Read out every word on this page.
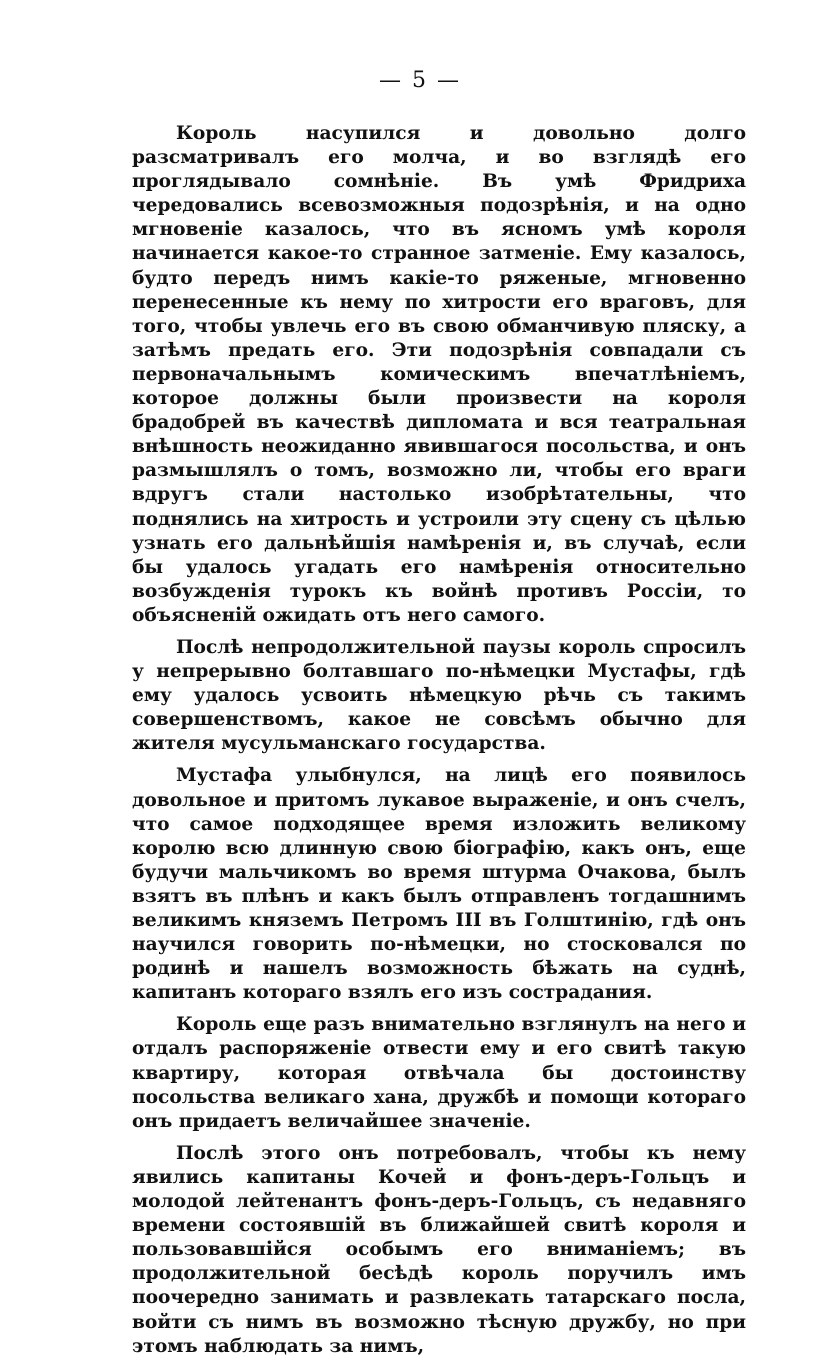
— 5 —

Король насупился и довольно долго разсматривалъ его молча, и во взглядѣ его проглядывало сомнѣніе. Въ умѣ Фридриха чередовались всевозможныя подозрѣнія, и на одно мгновеніе казалось, что въ ясномъ умѣ короля начинается какое-то странное затменіе. Ему казалось, будто передъ нимъ какіе-то ряженые, мгновенно перенесенные къ нему по хитрости его враговъ, для того, чтобы увлечь его въ свою обманчивую пляску, а затѣмъ предать его. Эти подозрѣнія совпадали съ первоначальнымъ комическимъ впечатлѣніемъ, которое должны были произвести на короля брадобрей въ качествѣ дипломата и вся театральная внѣшность неожиданно явившагося посольства, и онъ размышлялъ о томъ, возможно ли, чтобы его враги вдругъ стали настолько изобрѣтательны, что поднялись на хитрость и устроили эту сцену съ цѣлью узнать его дальнѣйшія намѣренія и, въ случаѣ, если бы удалось угадать его намѣренія относительно возбужденія турокъ къ войнѣ противъ Россіи, то объясненій ожидать отъ него самого.

Послѣ непродолжительной паузы король спросилъ у непрерывно болтавшаго по-нѣмецки Мустафы, гдѣ ему удалось усвоить нѣмецкую рѣчь съ такимъ совершенствомъ, какое не совсѣмъ обычно для жителя мусульманскаго государства.

Мустафа улыбнулся, на лицѣ его появилось довольное и притомъ лукавое выраженіе, и онъ счелъ, что самое подходящее время изложить великому королю всю длинную свою біографію, какъ онъ, еще будучи мальчикомъ во время штурма Очакова, былъ взятъ въ плѣнъ и какъ былъ отправленъ тогдашнимъ великимъ княземъ Петромъ III въ Голштинію, гдѣ онъ научился говорить по-нѣмецки, но стосковался по родинѣ и нашелъ возможность бѣжать на суднѣ, капитанъ котораго взялъ его изъ сострадания.

Король еще разъ внимательно взглянулъ на него и отдалъ распоряженіе отвести ему и его свитѣ такую квартиру, которая отвѣчала бы достоинству посольства великаго хана, дружбѣ и помощи котораго онъ придаетъ величайшее значеніе.

Послѣ этого онъ потребовалъ, чтобы къ нему явились капитаны Кочей и фонъ-деръ-Гольцъ и молодой лейтенантъ фонъ-деръ-Гольцъ, съ недавняго времени состоявшій въ ближайшей свитѣ короля и пользовавшійся особымъ его вниманіемъ; въ продолжительной бесѣдѣ король поручилъ имъ поочередно занимать и развлекать татарскаго посла, войти съ нимъ въ возможно тѣсную дружбу, но при этомъ наблюдать за нимъ,
